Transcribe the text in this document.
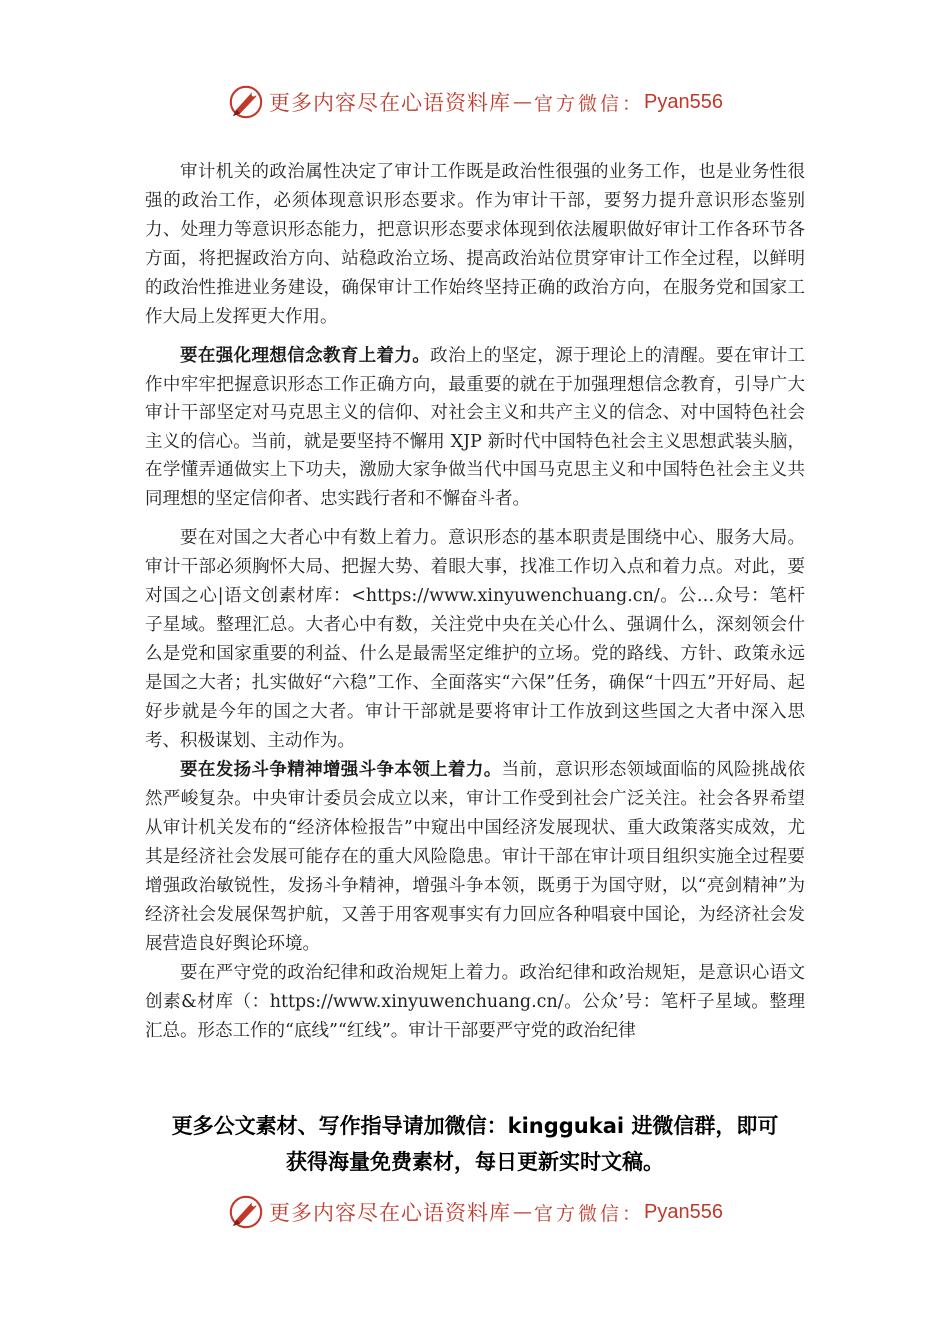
更多内容尽在心语资料库 — 官方微信： Pyan556

审计机关的政治属性决定了审计工作既是政治性很强的业务工作，也是业务性很强的政治工作，必须体现意识形态要求。作为审计干部，要努力提升意识形态鉴别力、处理力等意识形态能力，把意识形态要求体现到依法履职做好审计工作各环节各方面，将把握政治方向、站稳政治立场、提高政治站位贯穿审计工作全过程，以鲜明的政治性推进业务建设，确保审计工作始终坚持正确的政治方向，在服务党和国家工作大局上发挥更大作用。

要在强化理想信念教育上着力。政治上的坚定，源于理论上的清醒。要在审计工作中牢牢把握意识形态工作正确方向，最重要的就在于加强理想信念教育，引导广大审计干部坚定对马克思主义的信仰、对社会主义和共产主义的信念、对中国特色社会主义的信心。当前，就是要坚持不懈用 XJP 新时代中国特色社会主义思想武装头脑，在学懂弄通做实上下功夫，激励大家争做当代中国马克思主义和中国特色社会主义共同理想的坚定信仰者、忠实践行者和不懈奋斗者。

要在对国之大者心中有数上着力。意识形态的基本职责是围绕中心、服务大局。审计干部必须胸怀大局、把握大势、着眼大事，找准工作切入点和着力点。对此，要对国之心|语文创素材库：<https://www.xinyuwenchuang.cn/。公…众号：笔杆子星域。整理汇总。大者心中有数，关注党中央在关心什么、强调什么，深刻领会什么是党和国家重要的利益、什么是最需坚定维护的立场。党的路线、方针、政策永远是国之大者；扎实做好“六稳”工作、全面落实“六保”任务，确保“十四五”开好局、起好步就是今年的国之大者。审计干部就是要将审计工作放到这些国之大者中深入思考、积极谋划、主动作为。

要在发扬斗争精神增强斗争本领上着力。当前，意识形态领域面临的风险挑战依然严峻复杂。中央审计委员会成立以来，审计工作受到社会广泛关注。社会各界希望从审计机关发布的“经济体检报告”中窥出中国经济发展现状、重大政策落实成效，尤其是经济社会发展可能存在的重大风险隐患。审计干部在审计项目组织实施全过程要增强政治敏锐性，发扬斗争精神，增强斗争本领，既勇于为国守财，以“亮剑精神”为经济社会发展保驾护航，又善于用客观事实有力回应各种唱衰中国论，为经济社会发展营造良好舆论环境。

要在严守党的政治纪律和政治规矩上着力。政治纪律和政治规矩，是意识心语文创素&材库（：https://www.xinyuwenchuang.cn/。公众’号：笔杆子星域。整理汇总。形态工作的“底线”“红线”。审计干部要严守党的政治纪律

更多公文素材、写作指导请加微信：kinggukai 进微信群，即可
获得海量免费素材，每日更新实时文稿。
更多内容尽在心语资料库 — 官方微信： Pyan556
